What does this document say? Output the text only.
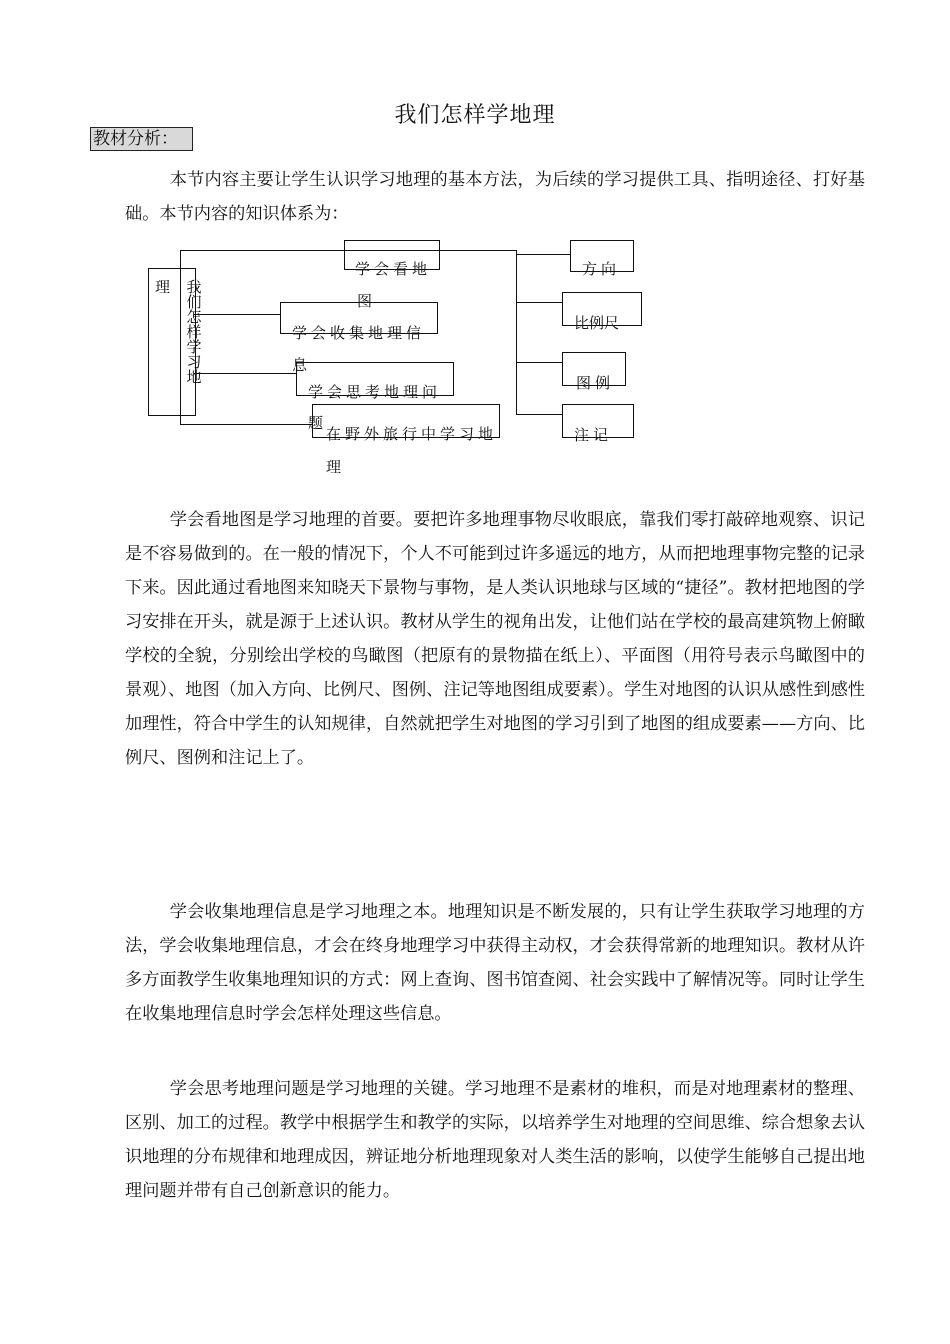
我们怎样学地理
教材分析：

本节内容主要让学生认识学习地理的基本方法，为后续的学习提供工具、指明途径、打好基础。本节内容的知识体系为：

理 我们怎样学习地
学会看地
图
学会收集地理信
息
学会思考地理问
题
在野外旅行中学习地
理
方向
比例尺
图例
注记

学会看地图是学习地理的首要。要把许多地理事物尽收眼底，靠我们零打敲碎地观察、识记是不容易做到的。在一般的情况下，个人不可能到过许多遥远的地方，从而把地理事物完整的记录下来。因此通过看地图来知晓天下景物与事物，是人类认识地球与区域的“捷径”。教材把地图的学习安排在开头，就是源于上述认识。教材从学生的视角出发，让他们站在学校的最高建筑物上俯瞰学校的全貌，分别绘出学校的鸟瞰图（把原有的景物描在纸上）、平面图（用符号表示鸟瞰图中的景观）、地图（加入方向、比例尺、图例、注记等地图组成要素）。学生对地图的认识从感性到感性加理性，符合中学生的认知规律，自然就把学生对地图的学习引到了地图的组成要素——方向、比例尺、图例和注记上了。

学会收集地理信息是学习地理之本。地理知识是不断发展的，只有让学生获取学习地理的方法，学会收集地理信息，才会在终身地理学习中获得主动权，才会获得常新的地理知识。教材从许多方面教学生收集地理知识的方式：网上查询、图书馆查阅、社会实践中了解情况等。同时让学生在收集地理信息时学会怎样处理这些信息。

学会思考地理问题是学习地理的关键。学习地理不是素材的堆积，而是对地理素材的整理、区别、加工的过程。教学中根据学生和教学的实际，以培养学生对地理的空间思维、综合想象去认识地理的分布规律和地理成因，辨证地分析地理现象对人类生活的影响，以使学生能够自己提出地理问题并带有自己创新意识的能力。
